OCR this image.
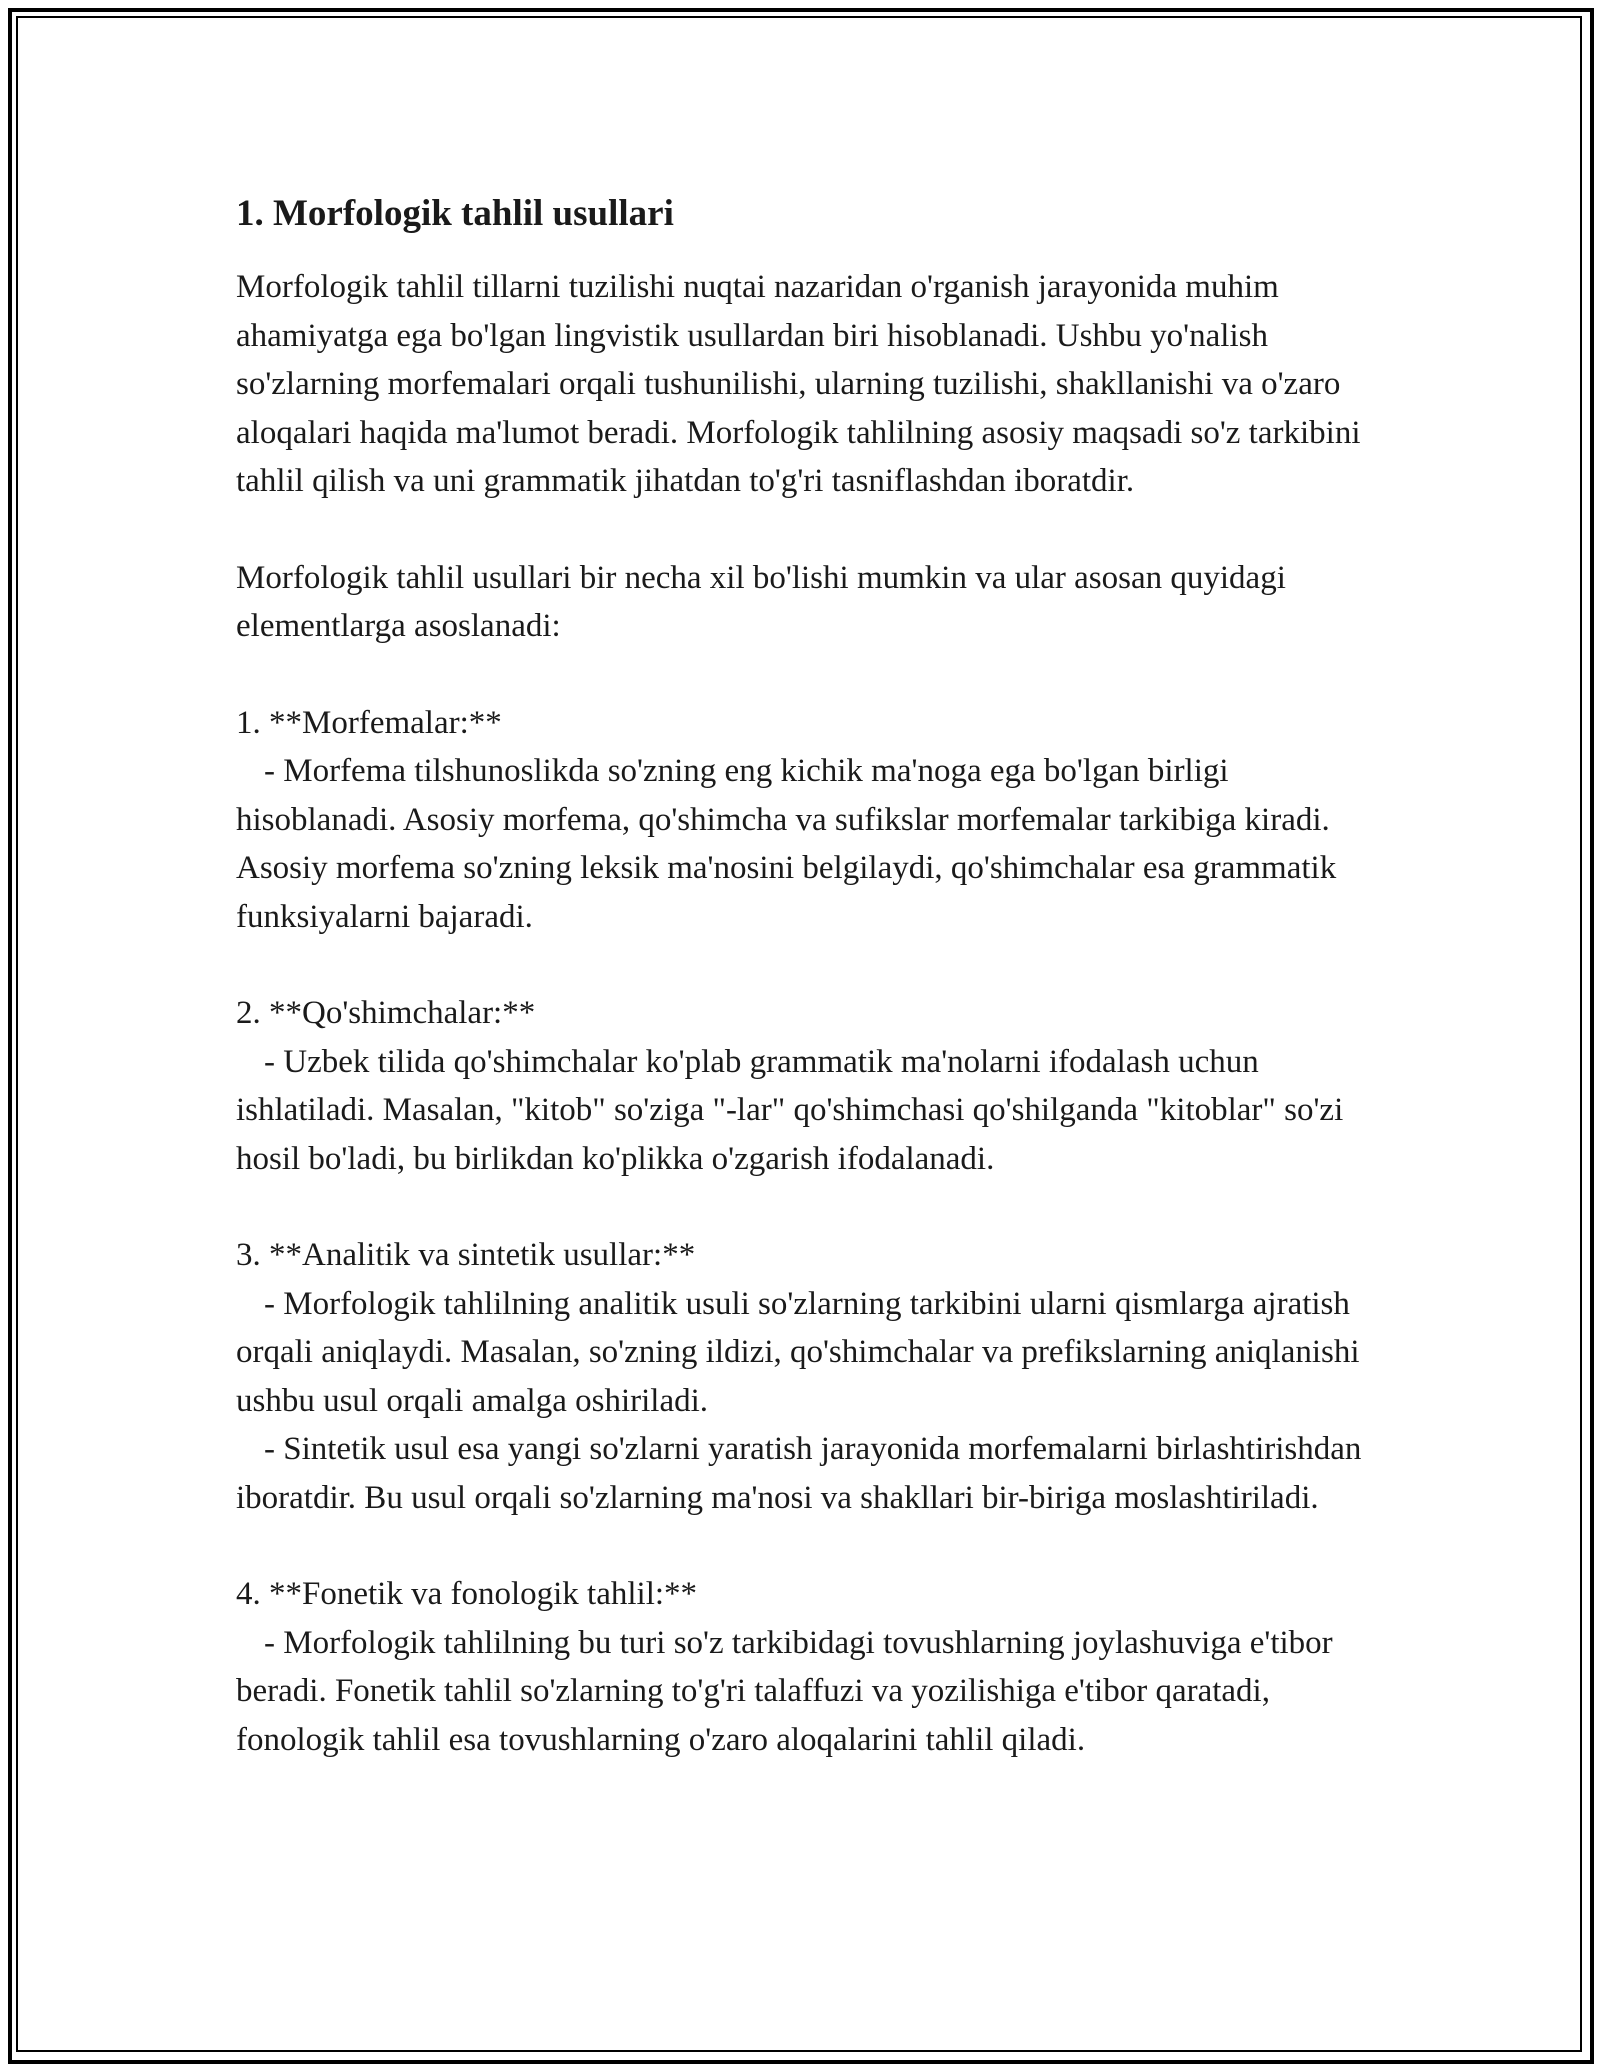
1. Morfologik tahlil usullari

Morfologik tahlil tillarni tuzilishi nuqtai nazaridan o'rganish jarayonida muhim ahamiyatga ega bo'lgan lingvistik usullardan biri hisoblanadi. Ushbu yo'nalish so'zlarning morfemalari orqali tushunilishi, ularning tuzilishi, shakllanishi va o'zaro aloqalari haqida ma'lumot beradi. Morfologik tahlilning asosiy maqsadi so'z tarkibini tahlil qilish va uni grammatik jihatdan to'g'ri tasniflashdan iboratdir.

Morfologik tahlil usullari bir necha xil bo'lishi mumkin va ular asosan quyidagi elementlarga asoslanadi:

1. **Morfemalar:**

- Morfema tilshunoslikda so'zning eng kichik ma'noga ega bo'lgan birligi hisoblanadi. Asosiy morfema, qo'shimcha va sufikslar morfemalar tarkibiga kiradi. Asosiy morfema so'zning leksik ma'nosini belgilaydi, qo'shimchalar esa grammatik funksiyalarni bajaradi.

2. **Qo'shimchalar:**

- Uzbek tilida qo'shimchalar ko'plab grammatik ma'nolarni ifodalash uchun ishlatiladi. Masalan, "kitob" so'ziga "-lar" qo'shimchasi qo'shilganda "kitoblar" so'zi hosil bo'ladi, bu birlikdan ko'plikka o'zgarish ifodalanadi.

3. **Analitik va sintetik usullar:**

- Morfologik tahlilning analitik usuli so'zlarning tarkibini ularni qismlarga ajratish orqali aniqlaydi. Masalan, so'zning ildizi, qo'shimchalar va prefikslarning aniqlanishi ushbu usul orqali amalga oshiriladi.

- Sintetik usul esa yangi so'zlarni yaratish jarayonida morfemalarni birlashtirishdan iboratdir. Bu usul orqali so'zlarning ma'nosi va shakllari bir-biriga moslashtiriladi.

4. **Fonetik va fonologik tahlil:**

- Morfologik tahlilning bu turi so'z tarkibidagi tovushlarning joylashuviga e'tibor beradi. Fonetik tahlil so'zlarning to'g'ri talaffuzi va yozilishiga e'tibor qaratadi, fonologik tahlil esa tovushlarning o'zaro aloqalarini tahlil qiladi.
